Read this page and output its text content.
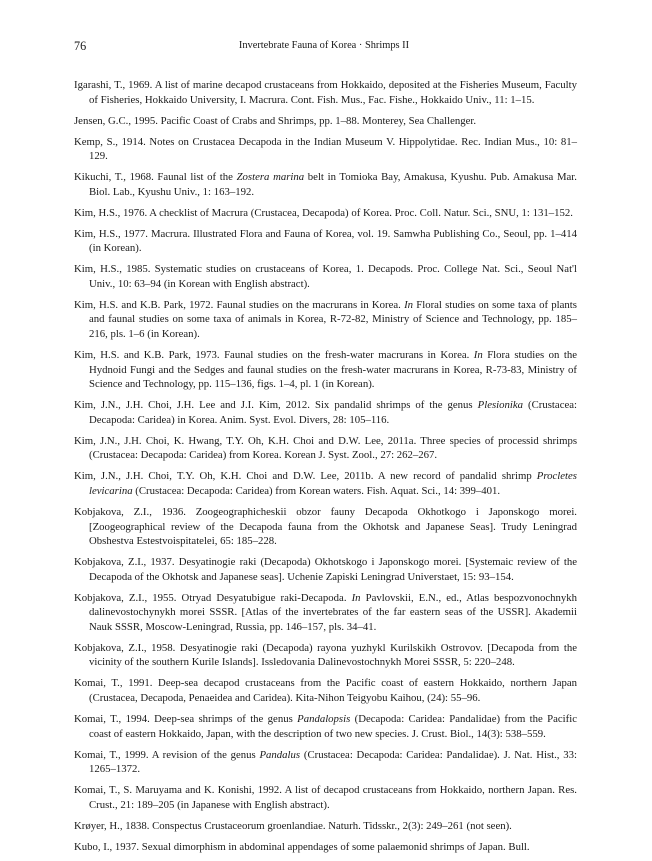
76	Invertebrate Fauna of Korea · Shrimps II
Igarashi, T., 1969. A list of marine decapod crustaceans from Hokkaido, deposited at the Fisheries Museum, Faculty of Fisheries, Hokkaido University, I. Macrura. Cont. Fish. Mus., Fac. Fishe., Hokkaido Univ., 11: 1–15.
Jensen, G.C., 1995. Pacific Coast of Crabs and Shrimps, pp. 1–88. Monterey, Sea Challenger.
Kemp, S., 1914. Notes on Crustacea Decapoda in the Indian Museum V. Hippolytidae. Rec. Indian Mus., 10: 81–129.
Kikuchi, T., 1968. Faunal list of the Zostera marina belt in Tomioka Bay, Amakusa, Kyushu. Pub. Amakusa Mar. Biol. Lab., Kyushu Univ., 1: 163–192.
Kim, H.S., 1976. A checklist of Macrura (Crustacea, Decapoda) of Korea. Proc. Coll. Natur. Sci., SNU, 1: 131–152.
Kim, H.S., 1977. Macrura. Illustrated Flora and Fauna of Korea, vol. 19. Samwha Publishing Co., Seoul, pp. 1–414 (in Korean).
Kim, H.S., 1985. Systematic studies on crustaceans of Korea, 1. Decapods. Proc. College Nat. Sci., Seoul Nat'l Univ., 10: 63–94 (in Korean with English abstract).
Kim, H.S. and K.B. Park, 1972. Faunal studies on the macrurans in Korea. In Floral studies on some taxa of plants and faunal studies on some taxa of animals in Korea, R-72-82, Ministry of Science and Technology, pp. 185–216, pls. 1–6 (in Korean).
Kim, H.S. and K.B. Park, 1973. Faunal studies on the fresh-water macrurans in Korea. In Flora studies on the Hydnoid Fungi and the Sedges and faunal studies on the fresh-water macrurans in Korea, R-73-83, Ministry of Science and Technology, pp. 115–136, figs. 1–4, pl. 1 (in Korean).
Kim, J.N., J.H. Choi, J.H. Lee and J.I. Kim, 2012. Six pandalid shrimps of the genus Plesionika (Crustacea: Decapoda: Caridea) in Korea. Anim. Syst. Evol. Divers, 28: 105–116.
Kim, J.N., J.H. Choi, K. Hwang, T.Y. Oh, K.H. Choi and D.W. Lee, 2011a. Three species of processid shrimps (Crustacea: Decapoda: Caridea) from Korea. Korean J. Syst. Zool., 27: 262–267.
Kim, J.N., J.H. Choi, T.Y. Oh, K.H. Choi and D.W. Lee, 2011b. A new record of pandalid shrimp Procletes levicarina (Crustacea: Decapoda: Caridea) from Korean waters. Fish. Aquat. Sci., 14: 399–401.
Kobjakova, Z.I., 1936. Zoogeographicheskii obzor fauny Decapoda Okhotkogo i Japonskogo morei. [Zoogeographical review of the Decapoda fauna from the Okhotsk and Japanese Seas]. Trudy Leningrad Obshestva Estestvoispitatelei, 65: 185–228.
Kobjakova, Z.I., 1937. Desyatinogie raki (Decapoda) Okhotskogo i Japonskogo morei. [Systemaic review of the Decapoda of the Okhotsk and Japanese seas]. Uchenie Zapiski Leningrad Universtaet, 15: 93–154.
Kobjakova, Z.I., 1955. Otryad Desyatubigue raki-Decapoda. In Pavlovskii, E.N., ed., Atlas bespozvonochnykh dalinevostochynykh morei SSSR. [Atlas of the invertebrates of the far eastern seas of the USSR]. Akademii Nauk SSSR, Moscow-Leningrad, Russia, pp. 146–157, pls. 34–41.
Kobjakova, Z.I., 1958. Desyatinogie raki (Decapoda) rayona yuzhykl Kurilskikh Ostrovov. [Decapoda from the vicinity of the southern Kurile Islands]. Issledovania Dalinevostochnykh Morei SSSR, 5: 220–248.
Komai, T., 1991. Deep-sea decapod crustaceans from the Pacific coast of eastern Hokkaido, northern Japan (Crustacea, Decapoda, Penaeidea and Caridea). Kita-Nihon Teigyobu Kaihou, (24): 55–96.
Komai, T., 1994. Deep-sea shrimps of the genus Pandalopsis (Decapoda: Caridea: Pandalidae) from the Pacific coast of eastern Hokkaido, Japan, with the description of two new species. J. Crust. Biol., 14(3): 538–559.
Komai, T., 1999. A revision of the genus Pandalus (Crustacea: Decapoda: Caridea: Pandalidae). J. Nat. Hist., 33: 1265–1372.
Komai, T., S. Maruyama and K. Konishi, 1992. A list of decapod crustaceans from Hokkaido, northern Japan. Res. Crust., 21: 189–205 (in Japanese with English abstract).
Krøyer, H., 1838. Conspectus Crustaceorum groenlandiae. Naturh. Tidsskr., 2(3): 249–261 (not seen).
Kubo, I., 1937. Sexual dimorphism in abdominal appendages of some palaemonid shrimps of Japan. Bull.
